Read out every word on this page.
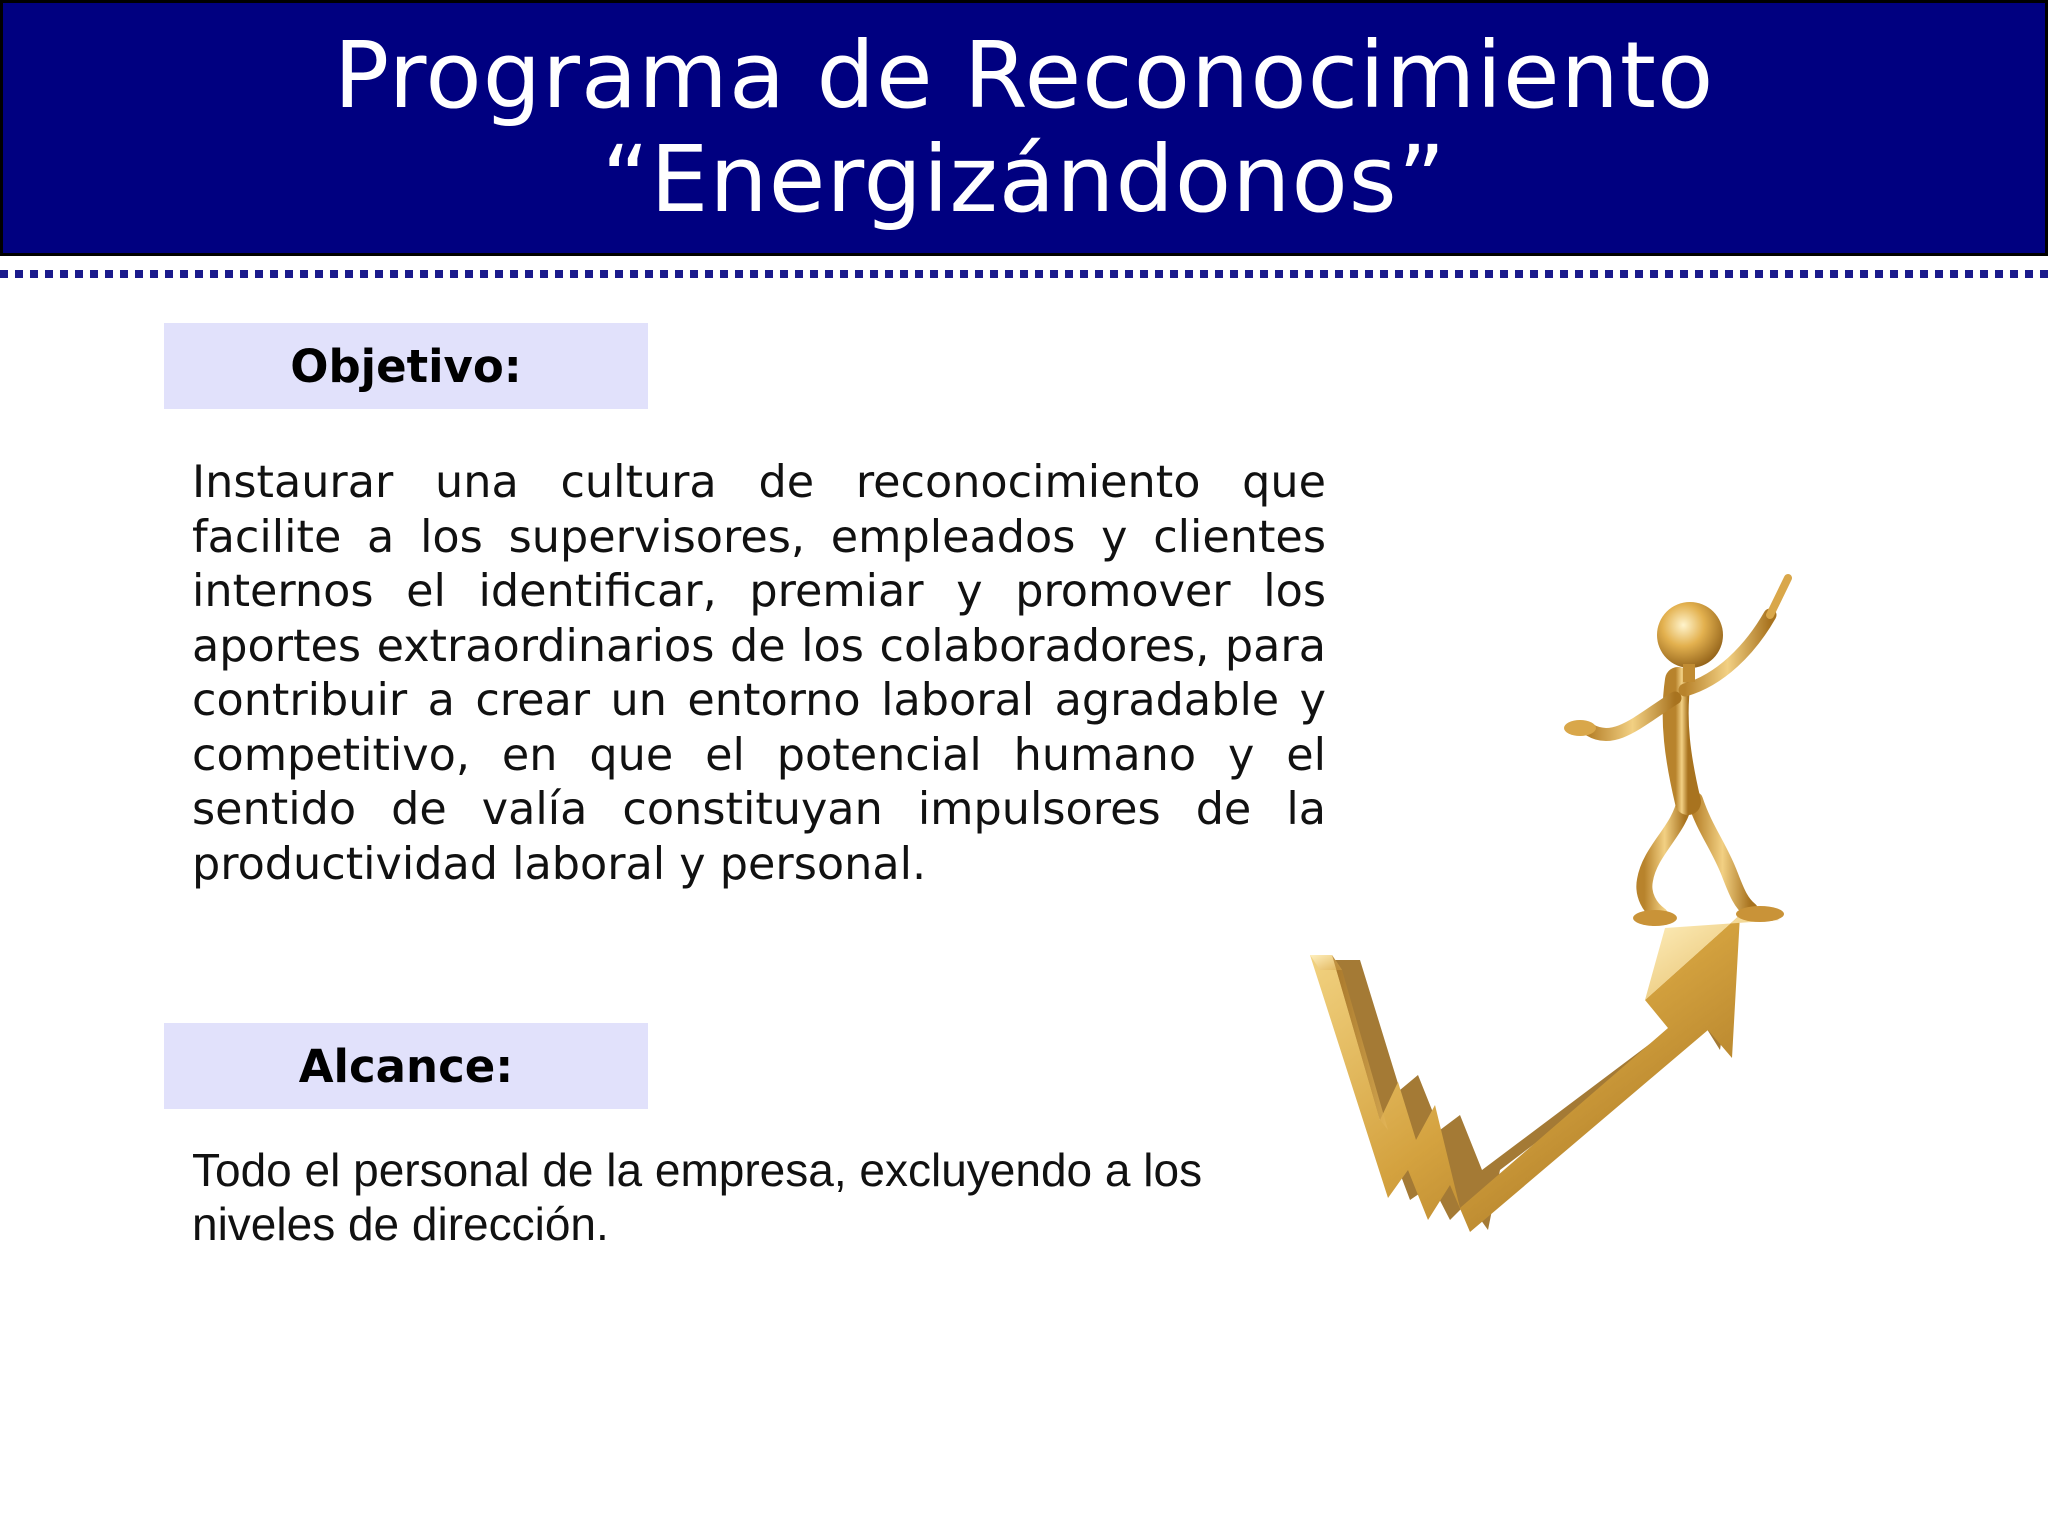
Programa de Reconocimiento
“Energizándonos”
Objetivo:
Instaurar una cultura de reconocimiento que facilite a los supervisores, empleados y clientes internos el identificar, premiar y promover los aportes extraordinarios de los colaboradores, para contribuir a crear un entorno laboral agradable y competitivo, en que el potencial humano y el sentido de valía constituyan impulsores de la productividad laboral y personal.
Alcance:
Todo el personal de la empresa, excluyendo a los niveles de dirección.
